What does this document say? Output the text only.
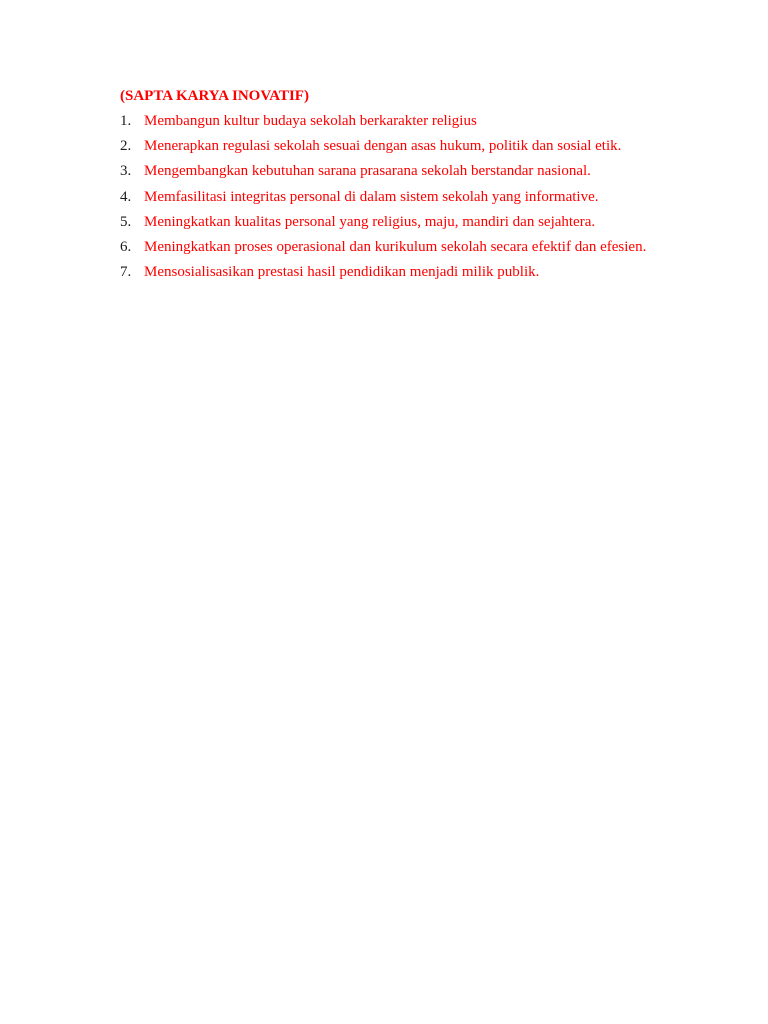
(SAPTA KARYA INOVATIF)
1. Membangun kultur budaya sekolah berkarakter religius
2. Menerapkan regulasi sekolah sesuai dengan asas hukum, politik dan sosial etik.
3. Mengembangkan kebutuhan sarana prasarana sekolah berstandar nasional.
4. Memfasilitasi integritas personal di dalam sistem sekolah yang informative.
5. Meningkatkan kualitas personal yang religius, maju, mandiri dan sejahtera.
6. Meningkatkan proses operasional dan kurikulum sekolah secara efektif dan efesien.
7. Mensosialisasikan prestasi hasil pendidikan menjadi milik publik.
